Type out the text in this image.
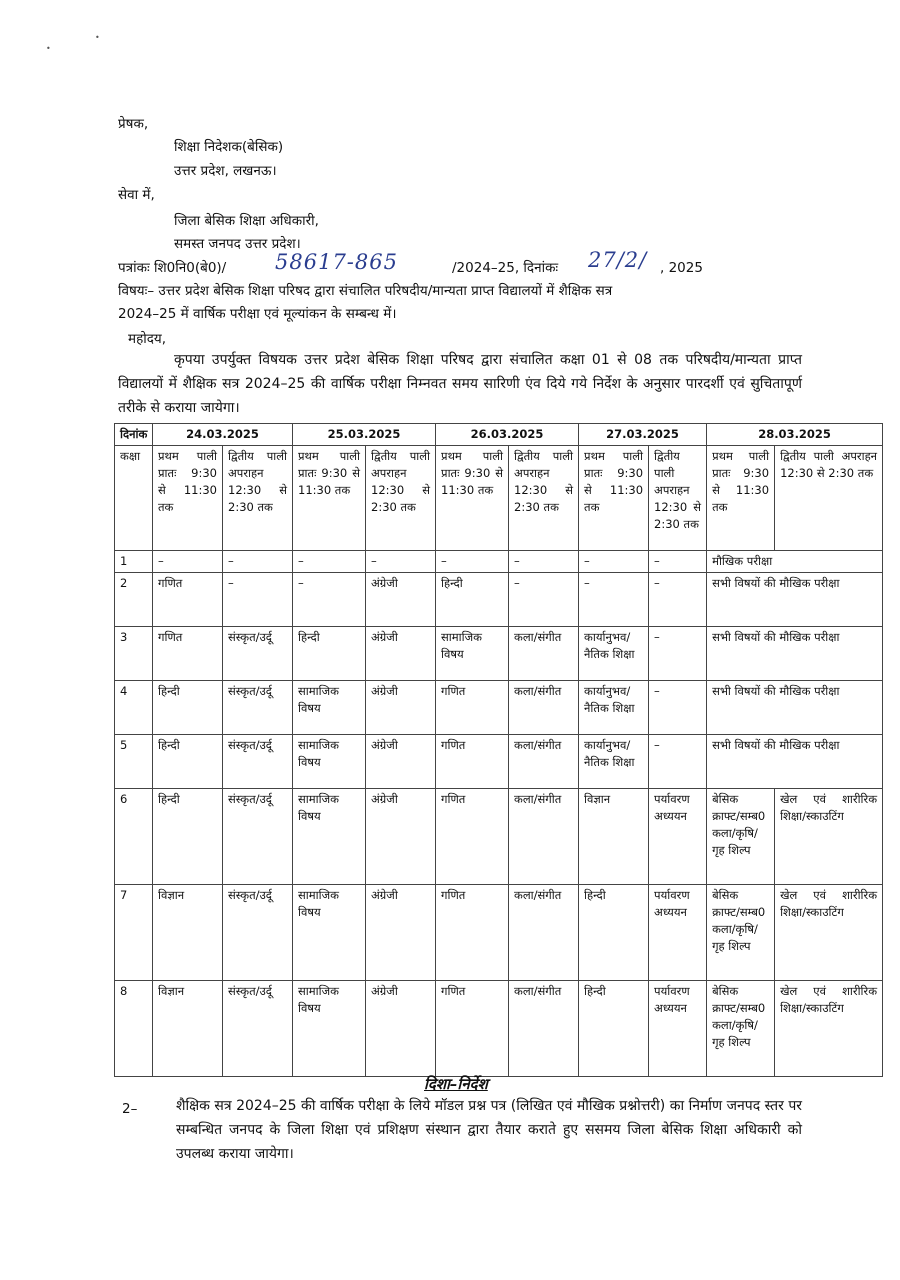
•
•
प्रेषक,
शिक्षा निदेशक(बेसिक)
उत्तर प्रदेश, लखनऊ।
सेवा में,
जिला बेसिक शिक्षा अधिकारी,
समस्त जनपद उत्तर प्रदेश।
पत्रांकः शि0नि0(बे0)/ 58617-865	/2024–25, दिनांकः 27/2/ , 2025
विषयः– उत्तर प्रदेश बेसिक शिक्षा परिषद द्वारा संचालित परिषदीय/मान्यता प्राप्त विद्यालयों में शैक्षिक सत्र
2024–25 में वार्षिक परीक्षा एवं मूल्यांकन के सम्बन्ध में।
महोदय,
कृपया उपर्युक्त विषयक उत्तर प्रदेश बेसिक शिक्षा परिषद द्वारा संचालित कक्षा 01 से 08 तक परिषदीय/मान्यता प्राप्त विद्यालयों में शैक्षिक सत्र 2024–25 की वार्षिक परीक्षा निम्नवत समय सारिणी एंव दिये गये निर्देश के अनुसार पारदर्शी एवं सुचितापूर्ण तरीके से कराया जायेगा।
दिनांक	24.03.2025		25.03.2025		26.03.2025		27.03.2025		28.03.2025	
कक्षा	प्रथम पाली प्रातः 9:30 से 11:30 तक	द्वितीय पाली अपराहन 12:30 से 2:30 तक	प्रथम पाली प्रातः 9:30 से 11:30 तक	द्वितीय पाली अपराहन 12:30 से 2:30 तक	प्रथम पाली प्रातः 9:30 से 11:30 तक	द्वितीय पाली अपराहन 12:30 से 2:30 तक	प्रथम पाली प्रातः 9:30 से 11:30 तक	द्वितीय पाली अपराहन 12:30 से 2:30 तक	प्रथम पाली प्रातः 9:30 से 11:30 तक	द्वितीय पाली अपराहन 12:30 से 2:30 तक
1	–	–	–	–	–	–	–	–	मौखिक परीक्षा	
2	गणित	–	–	अंग्रेजी	हिन्दी	–	–	–	सभी विषयों की मौखिक परीक्षा	
3	गणित	संस्कृत/उर्दू	हिन्दी	अंग्रेजी	सामाजिक विषय	कला/संगीत	कार्यानुभव/नैतिक शिक्षा	–	सभी विषयों की मौखिक परीक्षा	
4	हिन्दी	संस्कृत/उर्दू	सामाजिक विषय	अंग्रेजी	गणित	कला/संगीत	कार्यानुभव/नैतिक शिक्षा	–	सभी विषयों की मौखिक परीक्षा	
5	हिन्दी	संस्कृत/उर्दू	सामाजिक विषय	अंग्रेजी	गणित	कला/संगीत	कार्यानुभव/नैतिक शिक्षा	–	सभी विषयों की मौखिक परीक्षा	
6	हिन्दी	संस्कृत/उर्दू	सामाजिक विषय	अंग्रेजी	गणित	कला/संगीत	विज्ञान	पर्यावरण अध्ययन	बेसिक क्राफ्ट/सम्ब0 कला/कृषि/गृह शिल्प	खेल एवं शारीरिक शिक्षा/स्काउटिंग
7	विज्ञान	संस्कृत/उर्दू	सामाजिक विषय	अंग्रेजी	गणित	कला/संगीत	हिन्दी	पर्यावरण अध्ययन	बेसिक क्राफ्ट/सम्ब0 कला/कृषि/गृह शिल्प	खेल एवं शारीरिक शिक्षा/स्काउटिंग
8	विज्ञान	संस्कृत/उर्दू	सामाजिक विषय	अंग्रेजी	गणित	कला/संगीत	हिन्दी	पर्यावरण अध्ययन	बेसिक क्राफ्ट/सम्ब0 कला/कृषि/गृह शिल्प	खेल एवं शारीरिक शिक्षा/स्काउटिंग
दिशा–निर्देश
2–	शैक्षिक सत्र 2024–25 की वार्षिक परीक्षा के लिये मॉडल प्रश्न पत्र (लिखित एवं मौखिक प्रश्नोत्तरी) का निर्माण जनपद स्तर पर सम्बन्धित जनपद के जिला शिक्षा एवं प्रशिक्षण संस्थान द्वारा तैयार कराते हुए ससमय जिला बेसिक शिक्षा अधिकारी को उपलब्ध कराया जायेगा।
